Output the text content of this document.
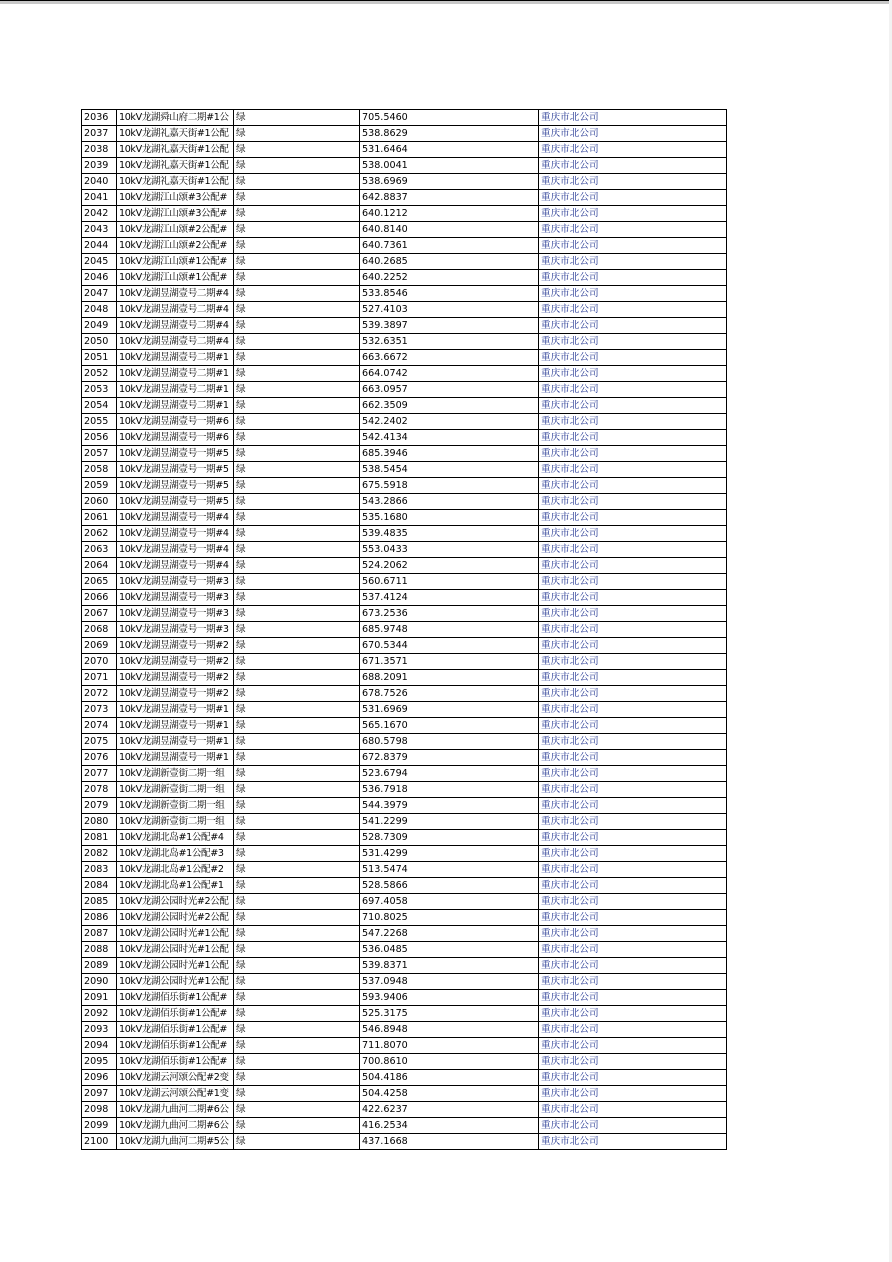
2036	10kV龙湖舜山府二期#1公	绿	705.5460	重庆市北公司
2037	10kV龙湖礼嘉天街#1公配	绿	538.8629	重庆市北公司
2038	10kV龙湖礼嘉天街#1公配	绿	531.6464	重庆市北公司
2039	10kV龙湖礼嘉天街#1公配	绿	538.0041	重庆市北公司
2040	10kV龙湖礼嘉天街#1公配	绿	538.6969	重庆市北公司
2041	10kV龙湖江山颂#3公配#	绿	642.8837	重庆市北公司
2042	10kV龙湖江山颂#3公配#	绿	640.1212	重庆市北公司
2043	10kV龙湖江山颂#2公配#	绿	640.8140	重庆市北公司
2044	10kV龙湖江山颂#2公配#	绿	640.7361	重庆市北公司
2045	10kV龙湖江山颂#1公配#	绿	640.2685	重庆市北公司
2046	10kV龙湖江山颂#1公配#	绿	640.2252	重庆市北公司
2047	10kV龙湖昱湖壹号二期#4	绿	533.8546	重庆市北公司
2048	10kV龙湖昱湖壹号二期#4	绿	527.4103	重庆市北公司
2049	10kV龙湖昱湖壹号二期#4	绿	539.3897	重庆市北公司
2050	10kV龙湖昱湖壹号二期#4	绿	532.6351	重庆市北公司
2051	10kV龙湖昱湖壹号二期#1	绿	663.6672	重庆市北公司
2052	10kV龙湖昱湖壹号二期#1	绿	664.0742	重庆市北公司
2053	10kV龙湖昱湖壹号二期#1	绿	663.0957	重庆市北公司
2054	10kV龙湖昱湖壹号二期#1	绿	662.3509	重庆市北公司
2055	10kV龙湖昱湖壹号一期#6	绿	542.2402	重庆市北公司
2056	10kV龙湖昱湖壹号一期#6	绿	542.4134	重庆市北公司
2057	10kV龙湖昱湖壹号一期#5	绿	685.3946	重庆市北公司
2058	10kV龙湖昱湖壹号一期#5	绿	538.5454	重庆市北公司
2059	10kV龙湖昱湖壹号一期#5	绿	675.5918	重庆市北公司
2060	10kV龙湖昱湖壹号一期#5	绿	543.2866	重庆市北公司
2061	10kV龙湖昱湖壹号一期#4	绿	535.1680	重庆市北公司
2062	10kV龙湖昱湖壹号一期#4	绿	539.4835	重庆市北公司
2063	10kV龙湖昱湖壹号一期#4	绿	553.0433	重庆市北公司
2064	10kV龙湖昱湖壹号一期#4	绿	524.2062	重庆市北公司
2065	10kV龙湖昱湖壹号一期#3	绿	560.6711	重庆市北公司
2066	10kV龙湖昱湖壹号一期#3	绿	537.4124	重庆市北公司
2067	10kV龙湖昱湖壹号一期#3	绿	673.2536	重庆市北公司
2068	10kV龙湖昱湖壹号一期#3	绿	685.9748	重庆市北公司
2069	10kV龙湖昱湖壹号一期#2	绿	670.5344	重庆市北公司
2070	10kV龙湖昱湖壹号一期#2	绿	671.3571	重庆市北公司
2071	10kV龙湖昱湖壹号一期#2	绿	688.2091	重庆市北公司
2072	10kV龙湖昱湖壹号一期#2	绿	678.7526	重庆市北公司
2073	10kV龙湖昱湖壹号一期#1	绿	531.6969	重庆市北公司
2074	10kV龙湖昱湖壹号一期#1	绿	565.1670	重庆市北公司
2075	10kV龙湖昱湖壹号一期#1	绿	680.5798	重庆市北公司
2076	10kV龙湖昱湖壹号一期#1	绿	672.8379	重庆市北公司
2077	10kV龙湖新壹街二期一组	绿	523.6794	重庆市北公司
2078	10kV龙湖新壹街二期一组	绿	536.7918	重庆市北公司
2079	10kV龙湖新壹街二期一组	绿	544.3979	重庆市北公司
2080	10kV龙湖新壹街二期一组	绿	541.2299	重庆市北公司
2081	10kV龙湖北岛#1公配#4	绿	528.7309	重庆市北公司
2082	10kV龙湖北岛#1公配#3	绿	531.4299	重庆市北公司
2083	10kV龙湖北岛#1公配#2	绿	513.5474	重庆市北公司
2084	10kV龙湖北岛#1公配#1	绿	528.5866	重庆市北公司
2085	10kV龙湖公园时光#2公配	绿	697.4058	重庆市北公司
2086	10kV龙湖公园时光#2公配	绿	710.8025	重庆市北公司
2087	10kV龙湖公园时光#1公配	绿	547.2268	重庆市北公司
2088	10kV龙湖公园时光#1公配	绿	536.0485	重庆市北公司
2089	10kV龙湖公园时光#1公配	绿	539.8371	重庆市北公司
2090	10kV龙湖公园时光#1公配	绿	537.0948	重庆市北公司
2091	10kV龙湖佰乐街#1公配#	绿	593.9406	重庆市北公司
2092	10kV龙湖佰乐街#1公配#	绿	525.3175	重庆市北公司
2093	10kV龙湖佰乐街#1公配#	绿	546.8948	重庆市北公司
2094	10kV龙湖佰乐街#1公配#	绿	711.8070	重庆市北公司
2095	10kV龙湖佰乐街#1公配#	绿	700.8610	重庆市北公司
2096	10kV龙湖云河颂公配#2变	绿	504.4186	重庆市北公司
2097	10kV龙湖云河颂公配#1变	绿	504.4258	重庆市北公司
2098	10kV龙湖九曲河二期#6公	绿	422.6237	重庆市北公司
2099	10kV龙湖九曲河二期#6公	绿	416.2534	重庆市北公司
2100	10kV龙湖九曲河二期#5公	绿	437.1668	重庆市北公司
